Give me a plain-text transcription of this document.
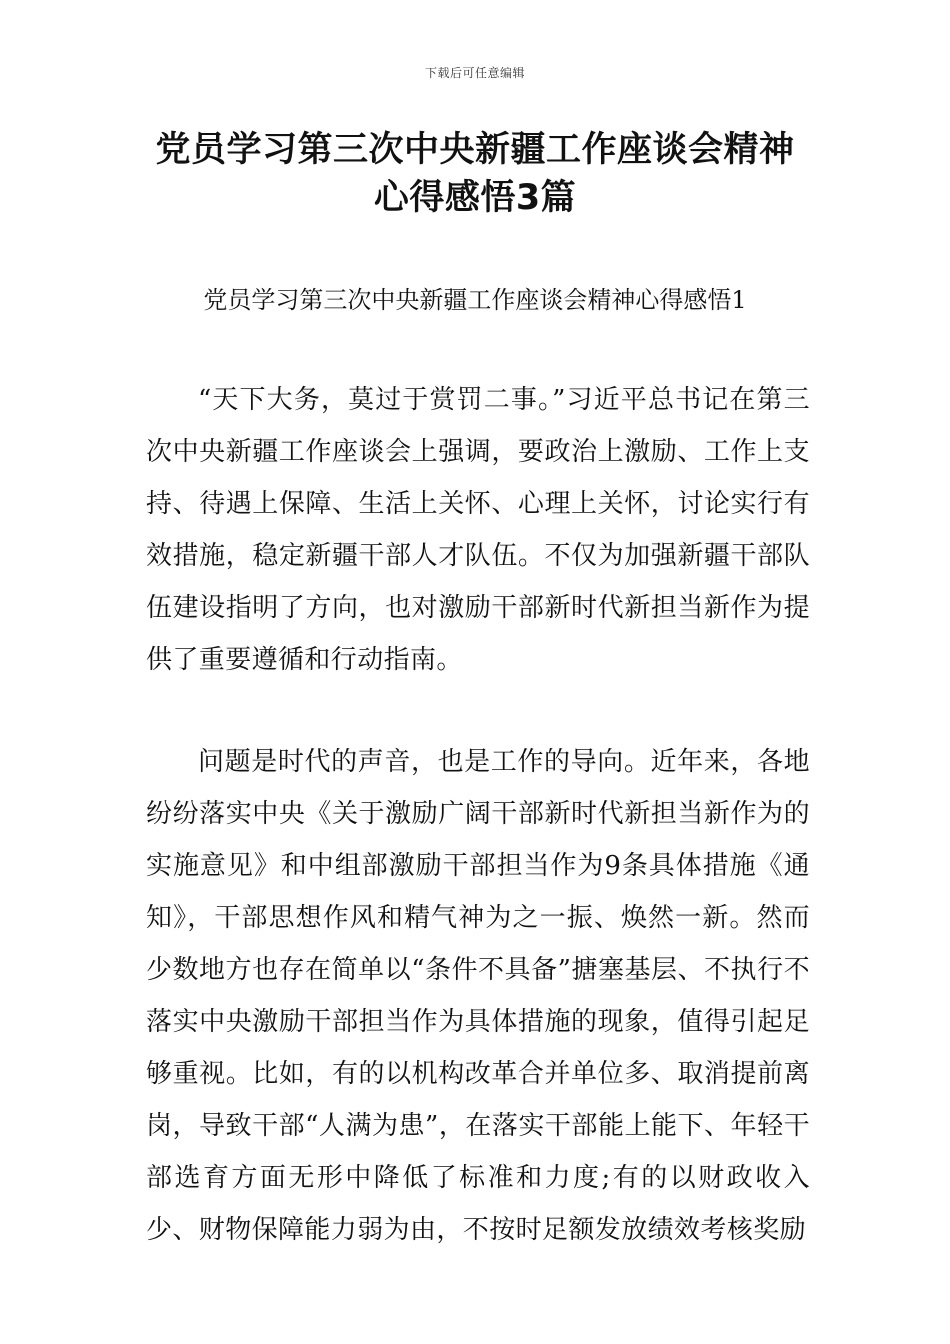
下载后可任意编辑
党员学习第三次中央新疆工作座谈会精神
心得感悟3篇
党员学习第三次中央新疆工作座谈会精神心得感悟1

“天下大务，莫过于赏罚二事。”习近平总书记在第三次中央新疆工作座谈会上强调，要政治上激励、工作上支持、待遇上保障、生活上关怀、心理上关怀，讨论实行有效措施，稳定新疆干部人才队伍。不仅为加强新疆干部队伍建设指明了方向，也对激励干部新时代新担当新作为提供了重要遵循和行动指南。

问题是时代的声音，也是工作的导向。近年来，各地纷纷落实中央《关于激励广阔干部新时代新担当新作为的实施意见》和中组部激励干部担当作为9条具体措施《通知》，干部思想作风和精气神为之一振、焕然一新。然而少数地方也存在简单以“条件不具备”搪塞基层、不执行不落实中央激励干部担当作为具体措施的现象，值得引起足够重视。比如，有的以机构改革合并单位多、取消提前离岗，导致干部“人满为患”，在落实干部能上能下、年轻干部选育方面无形中降低了标准和力度;有的以财政收入少、财物保障能力弱为由，不按时足额发放绩效考核奖励
